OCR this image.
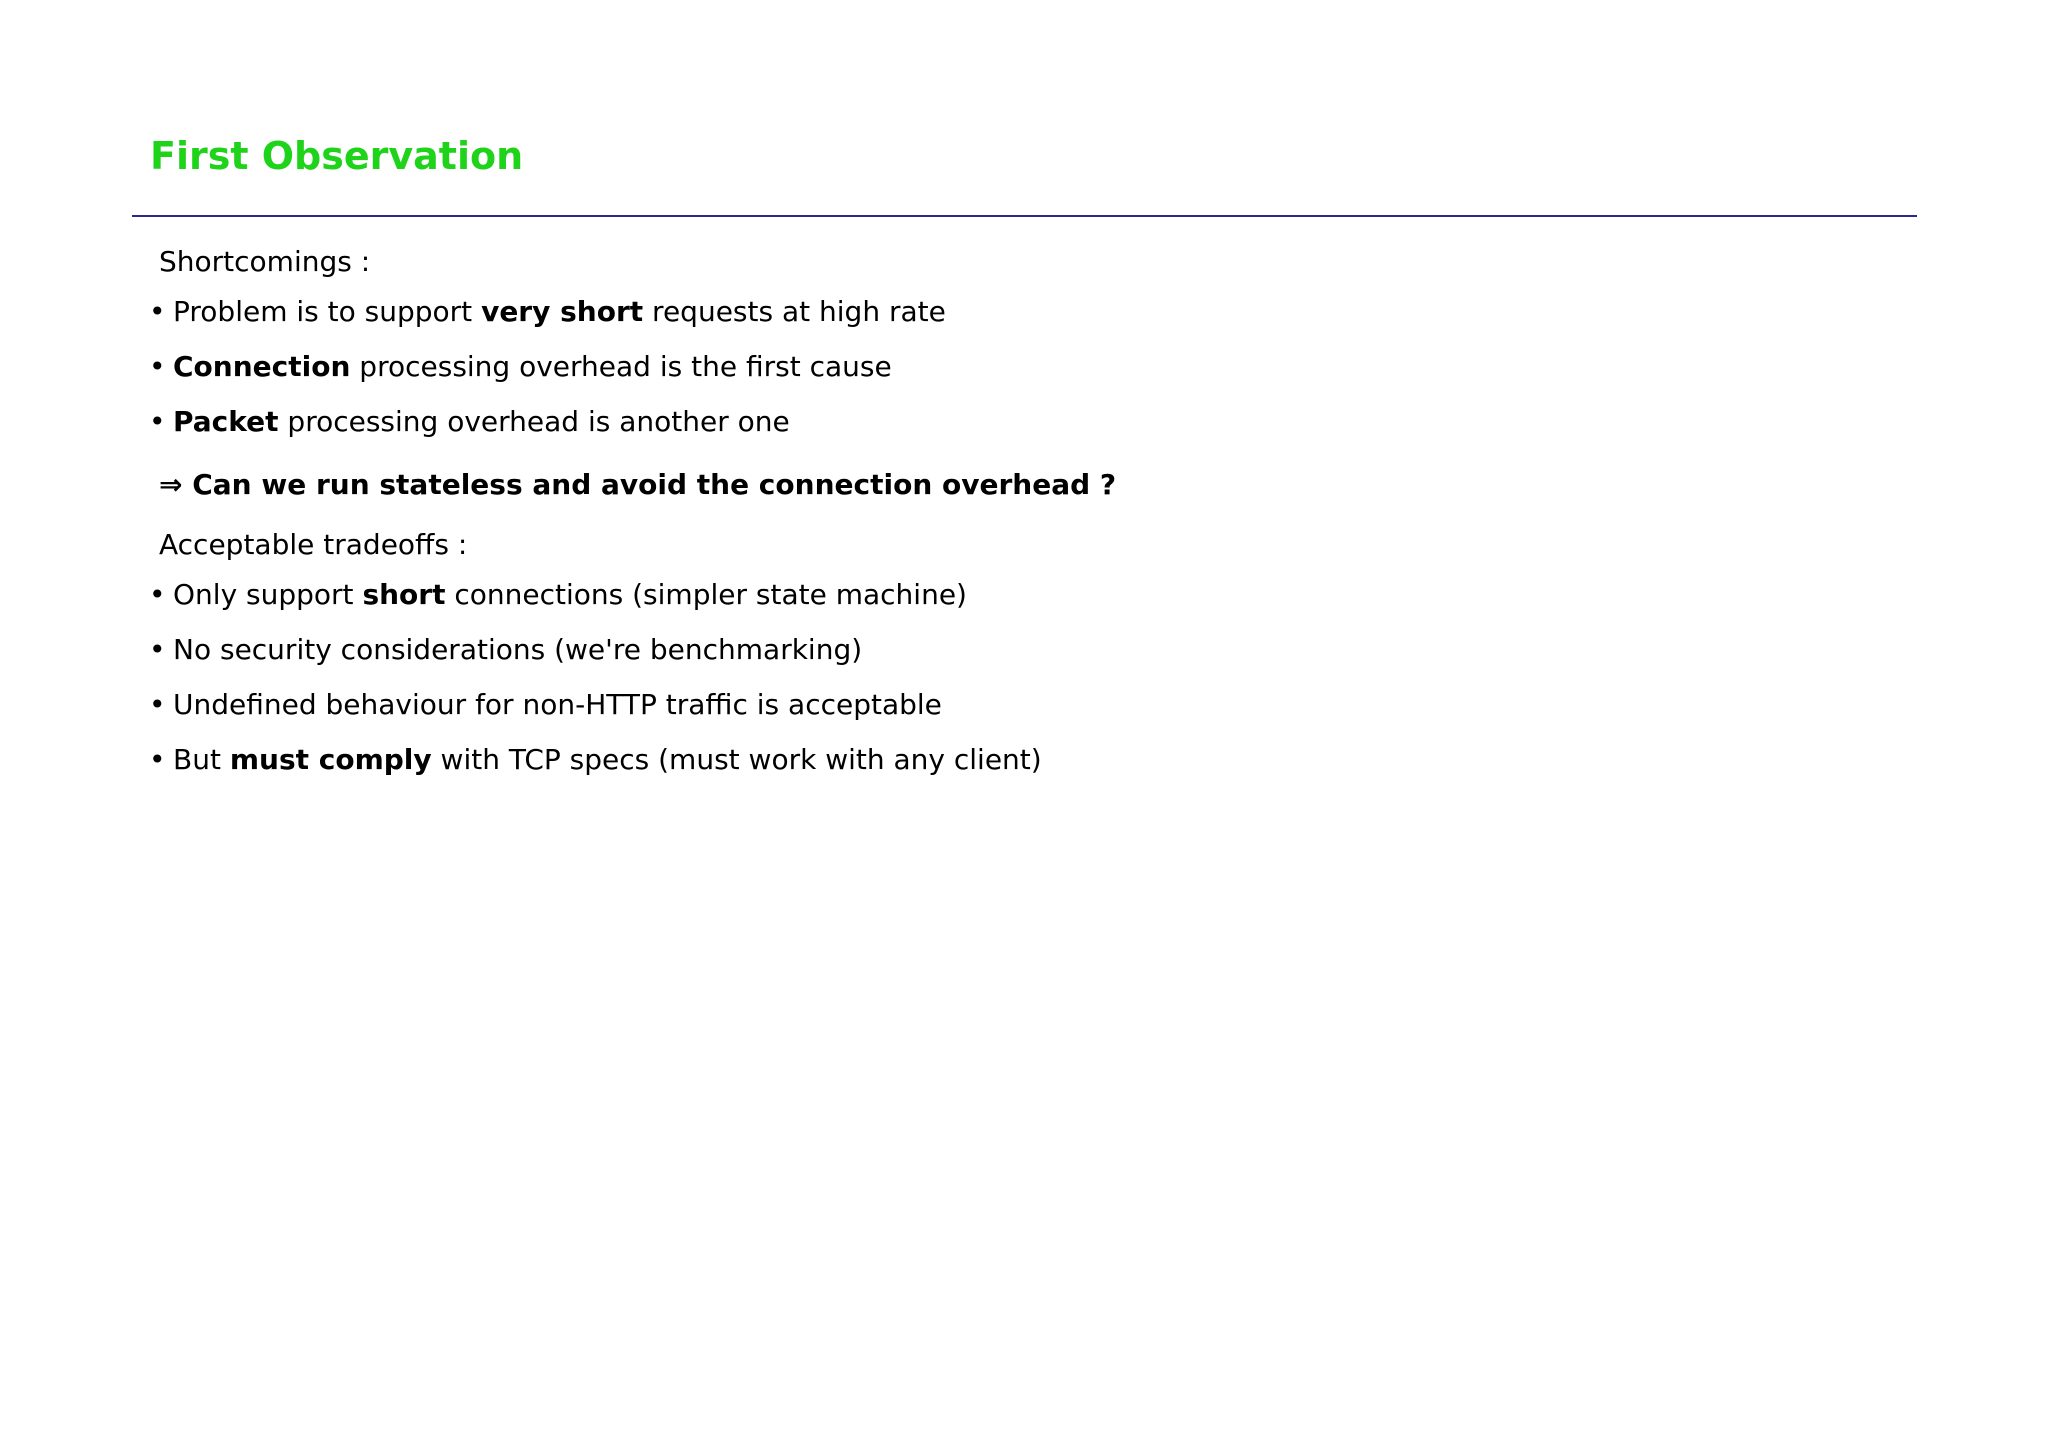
First Observation

Shortcomings :

• Problem is to support very short requests at high rate

• Connection processing overhead is the first cause

• Packet processing overhead is another one

⇒ Can we run stateless and avoid the connection overhead ?

Acceptable tradeoffs :

• Only support short connections (simpler state machine)

• No security considerations (we're benchmarking)

• Undefined behaviour for non-HTTP traffic is acceptable

• But must comply with TCP specs (must work with any client)
